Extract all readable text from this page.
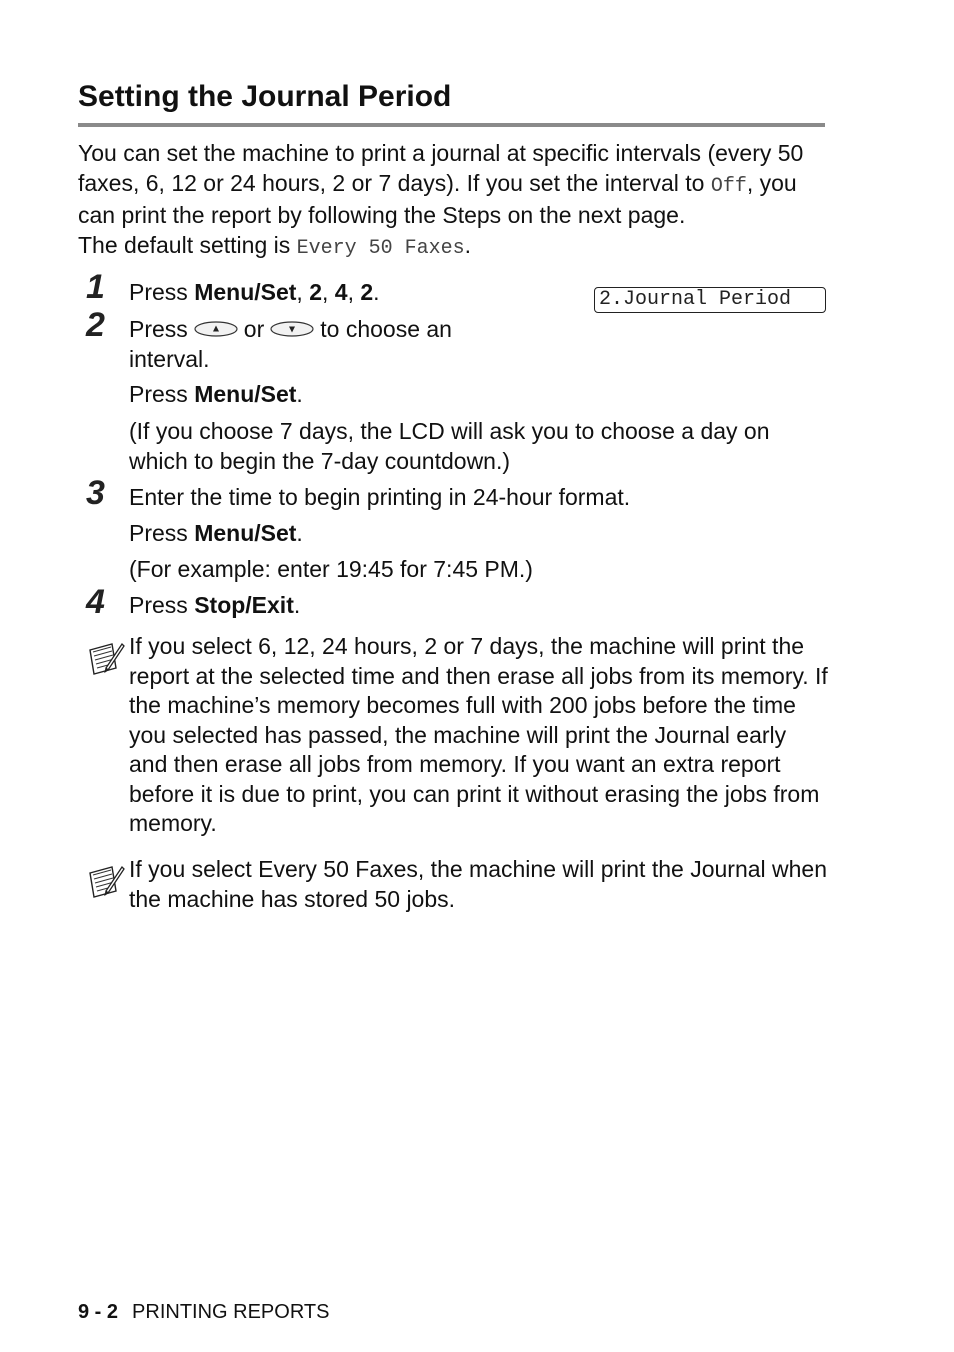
Setting the Journal Period

You can set the machine to print a journal at specific intervals (every 50 faxes, 6, 12 or 24 hours, 2 or 7 days). If you set the interval to Off, you can print the report by following the Steps on the next page.
The default setting is Every 50 Faxes.

2.Journal Period
1	Press Menu/Set, 2, 4, 2.
2	Press or to choose an
interval.
Press Menu/Set.
(If you choose 7 days, the LCD will ask you to choose a day on which to begin the 7-day countdown.)
3	Enter the time to begin printing in 24-hour format.
Press Menu/Set.
(For example: enter 19:45 for 7:45 PM.)
4	Press Stop/Exit.

If you select 6, 12, 24 hours, 2 or 7 days, the machine will print the report at the selected time and then erase all jobs from its memory. If the machine’s memory becomes full with 200 jobs before the time you selected has passed, the machine will print the Journal early and then erase all jobs from memory. If you want an extra report before it is due to print, you can print it without erasing the jobs from memory.

If you select Every 50 Faxes, the machine will print the Journal when the machine has stored 50 jobs.

9 - 2 PRINTING REPORTS
